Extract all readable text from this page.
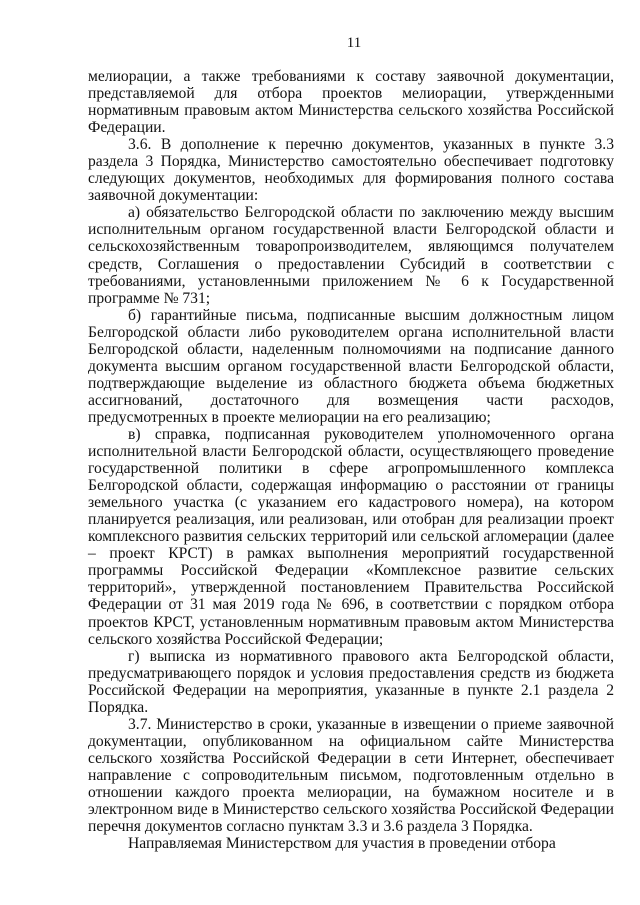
11

мелиорации, а также требованиями к составу заявочной документации, представляемой для отбора проектов мелиорации, утвержденными нормативным правовым актом Министерства сельского хозяйства Российской Федерации.

3.6. В дополнение к перечню документов, указанных в пункте 3.3 раздела 3 Порядка, Министерство самостоятельно обеспечивает подготовку следующих документов, необходимых для формирования полного состава заявочной документации:

а) обязательство Белгородской области по заключению между высшим исполнительным органом государственной власти Белгородской области и сельскохозяйственным товаропроизводителем, являющимся получателем средств, Соглашения о предоставлении Субсидий в соответствии с требованиями, установленными приложением № 6 к Государственной программе № 731;

б) гарантийные письма, подписанные высшим должностным лицом Белгородской области либо руководителем органа исполнительной власти Белгородской области, наделенным полномочиями на подписание данного документа высшим органом государственной власти Белгородской области, подтверждающие выделение из областного бюджета объема бюджетных ассигнований, достаточного для возмещения части расходов, предусмотренных в проекте мелиорации на его реализацию;

в) справка, подписанная руководителем уполномоченного органа исполнительной власти Белгородской области, осуществляющего проведение государственной политики в сфере агропромышленного комплекса Белгородской области, содержащая информацию о расстоянии от границы земельного участка (с указанием его кадастрового номера), на котором планируется реализация, или реализован, или отобран для реализации проект комплексного развития сельских территорий или сельской агломерации (далее – проект КРСТ) в рамках выполнения мероприятий государственной программы Российской Федерации «Комплексное развитие сельских территорий», утвержденной постановлением Правительства Российской Федерации от 31 мая 2019 года № 696, в соответствии с порядком отбора проектов КРСТ, установленным нормативным правовым актом Министерства сельского хозяйства Российской Федерации;

г) выписка из нормативного правового акта Белгородской области, предусматривающего порядок и условия предоставления средств из бюджета Российской Федерации на мероприятия, указанные в пункте 2.1 раздела 2 Порядка.

3.7. Министерство в сроки, указанные в извещении о приеме заявочной документации, опубликованном на официальном сайте Министерства сельского хозяйства Российской Федерации в сети Интернет, обеспечивает направление с сопроводительным письмом, подготовленным отдельно в отношении каждого проекта мелиорации, на бумажном носителе и в электронном виде в Министерство сельского хозяйства Российской Федерации перечня документов согласно пунктам 3.3 и 3.6 раздела 3 Порядка.

Направляемая Министерством для участия в проведении отбора
